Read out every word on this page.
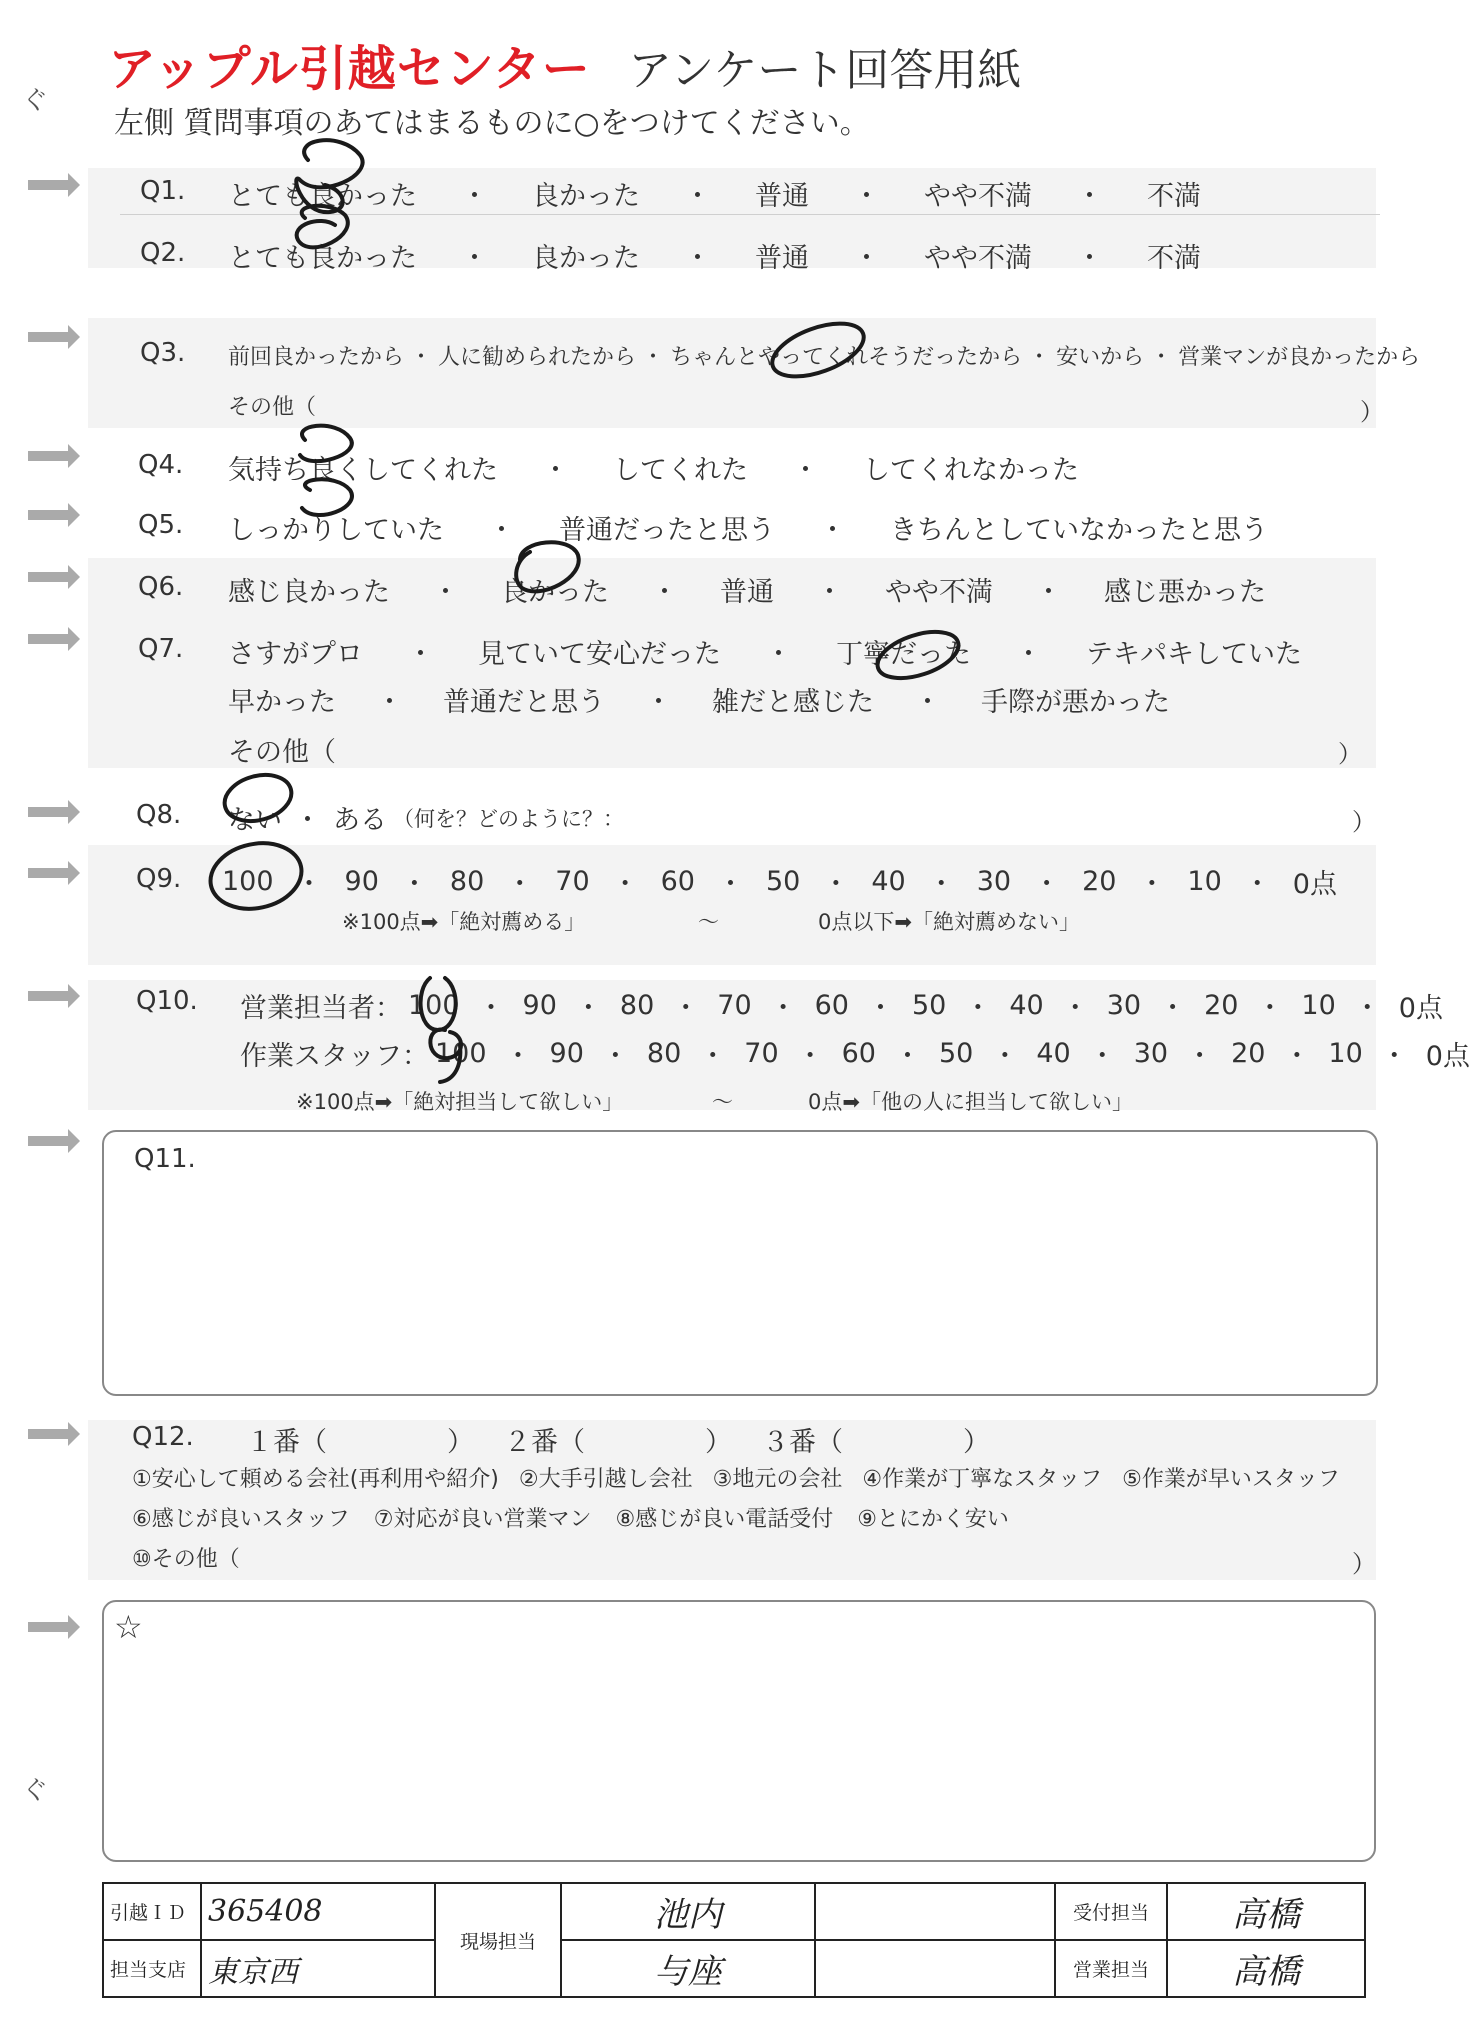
アップル引越センター アンケート回答用紙
左側 質問事項のあてはまるものに○をつけてください。
ぐ
ぐ
Q1. とても良かった ・ 良かった ・ 普通 ・ やや不満 ・ 不満
Q2. とても良かった ・ 良かった ・ 普通 ・ やや不満 ・ 不満
Q3. 前回良かったから ・ 人に勧められたから ・ ちゃんとやってくれそうだったから ・ 安いから ・ 営業マンが良かったから
その他（	）
Q4. 気持ち良くしてくれた ・ してくれた ・ してくれなかった
Q5. しっかりしていた ・ 普通だったと思う ・ きちんとしていなかったと思う
Q6. 感じ良かった ・ 良かった ・ 普通 ・ やや不満 ・ 感じ悪かった
Q7. さすがプロ ・ 見ていて安心だった ・ 丁寧だった ・ テキパキしていた
早かった ・ 普通だと思う ・ 雑だと感じた ・ 手際が悪かった
その他（	）
Q8. ない ・ ある （何を？どのように？：	）
Q9. 100 ・ 90 ・ 80 ・ 70 ・ 60 ・ 50 ・ 40 ・ 30 ・ 20 ・ 10 ・ 0点
※100点➡「絶対薦める」	〜	0点以下➡「絶対薦めない」
Q10. 営業担当者： 100 ・ 90 ・ 80 ・ 70 ・ 60 ・ 50 ・ 40 ・ 30 ・ 20 ・ 10 ・ 0点
作業スタッフ： 100 ・ 90 ・ 80 ・ 70 ・ 60 ・ 50 ・ 40 ・ 30 ・ 20 ・ 10 ・ 0点
※100点➡「絶対担当して欲しい」	〜	0点➡「他の人に担当して欲しい」
Q11.
Q12. １番（	） ２番（	） ３番（	）
①安心して頼める会社(再利用や紹介) ②大手引越し会社 ③地元の会社 ④作業が丁寧なスタッフ ⑤作業が早いスタッフ
⑥感じが良いスタッフ ⑦対応が良い営業マン ⑧感じが良い電話受付 ⑨とにかく安い
⑩その他（	）
☆
引越ＩＤ	365408	現場担当	池内		受付担当	高橋
担当支店	東京西		与座		営業担当	高橋
